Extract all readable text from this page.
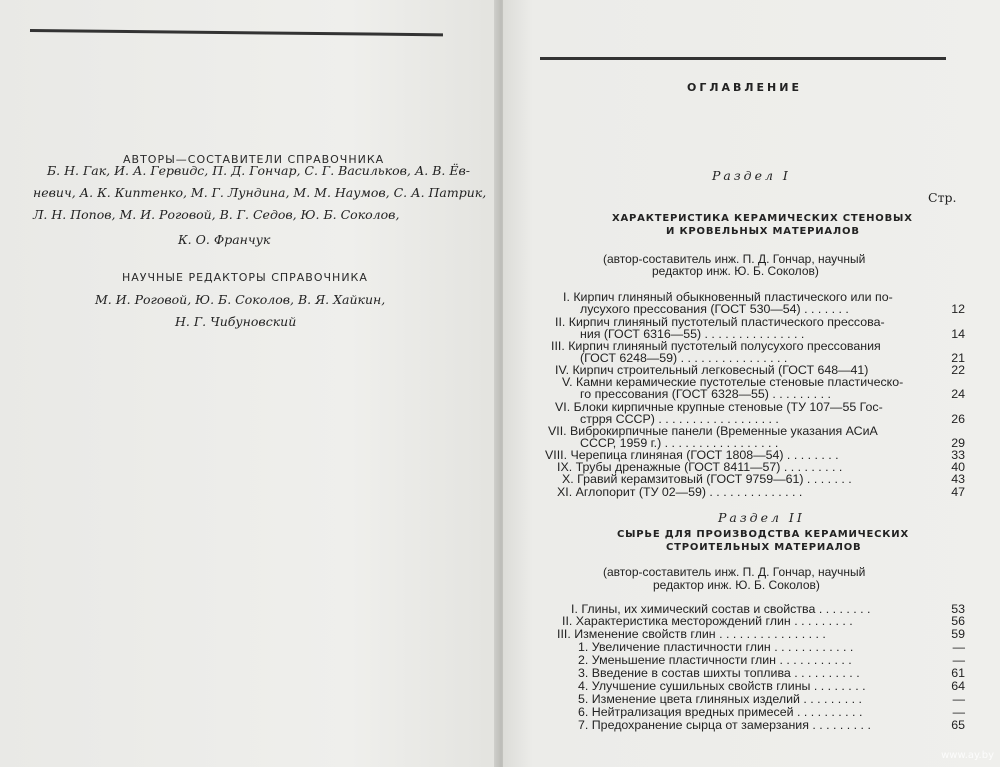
АВТОРЫ—СОСТАВИТЕЛИ СПРАВОЧНИКА
Б. Н. Гак, И. А. Гервидс, П. Д. Гончар, С. Г. Васильков, А. В. Ёв-
невич, А. К. Киптенко, М. Г. Лундина, М. М. Наумов, С. А. Патрик,
Л. Н. Попов, М. И. Роговой, В. Г. Седов, Ю. Б. Соколов,
К. О. Франчук
НАУЧНЫЕ РЕДАКТОРЫ СПРАВОЧНИКА
М. И. Роговой, Ю. Б. Соколов, В. Я. Хайкин,
Н. Г. Чибуновский
ОГЛАВЛЕНИЕ
Раздел I
Стр.
ХАРАКТЕРИСТИКА КЕРАМИЧЕСКИХ СТЕНОВЫХ
И КРОВЕЛЬНЫХ МАТЕРИАЛОВ
(автор-составитель инж. П. Д. Гончар, научный
редактор инж. Ю. Б. Соколов)
I. Кирпич глиняный обыкновенный пластического или по-
лусухого прессования (ГОСТ 530—54) . . . . . . .	12
II. Кирпич глиняный пустотелый пластического прессова-
ния (ГОСТ 6316—55) . . . . . . . . . . . . . . .	14
III. Кирпич глиняный пустотелый полусухого прессования
(ГОСТ 6248—59) . . . . . . . . . . . . . . . .	21
IV. Кирпич строительный легковесный (ГОСТ 648—41)	22
V. Камни керамические пустотелые стеновые пластическо-
го прессования (ГОСТ 6328—55) . . . . . . . . .	24
VI. Блоки кирпичные крупные стеновые (ТУ 107—55 Гос-
стрря СССР) . . . . . . . . . . . . . . . . . .	26
VII. Виброкирпичные панели (Временные указания АСиА
СССР, 1959 г.) . . . . . . . . . . . . . . . . .	29
VIII. Черепица глиняная (ГОСТ 1808—54) . . . . . . . .	33
IX. Трубы дренажные (ГОСТ 8411—57) . . . . . . . . .	40
X. Гравий керамзитовый (ГОСТ 9759—61) . . . . . . .	43
XI. Аглопорит (ТУ 02—59) . . . . . . . . . . . . . .	47
Раздел II
СЫРЬЕ ДЛЯ ПРОИЗВОДСТВА КЕРАМИЧЕСКИХ
СТРОИТЕЛЬНЫХ МАТЕРИАЛОВ
(автор-составитель инж. П. Д. Гончар, научный
редактор инж. Ю. Б. Соколов)
I. Глины, их химический состав и свойства . . . . . . . .	53
II. Характеристика месторождений глин . . . . . . . . .	56
III. Изменение свойств глин . . . . . . . . . . . . . . . .	59
1. Увеличение пластичности глин . . . . . . . . . . . .	—
2. Уменьшение пластичности глин . . . . . . . . . . .	—
3. Введение в состав шихты топлива . . . . . . . . . .	61
4. Улучшение сушильных свойств глины . . . . . . . .	64
5. Изменение цвета глиняных изделий . . . . . . . . .	—
6. Нейтрализация вредных примесей . . . . . . . . . .	—
7. Предохранение сырца от замерзания . . . . . . . . .	65
www.ay.by
